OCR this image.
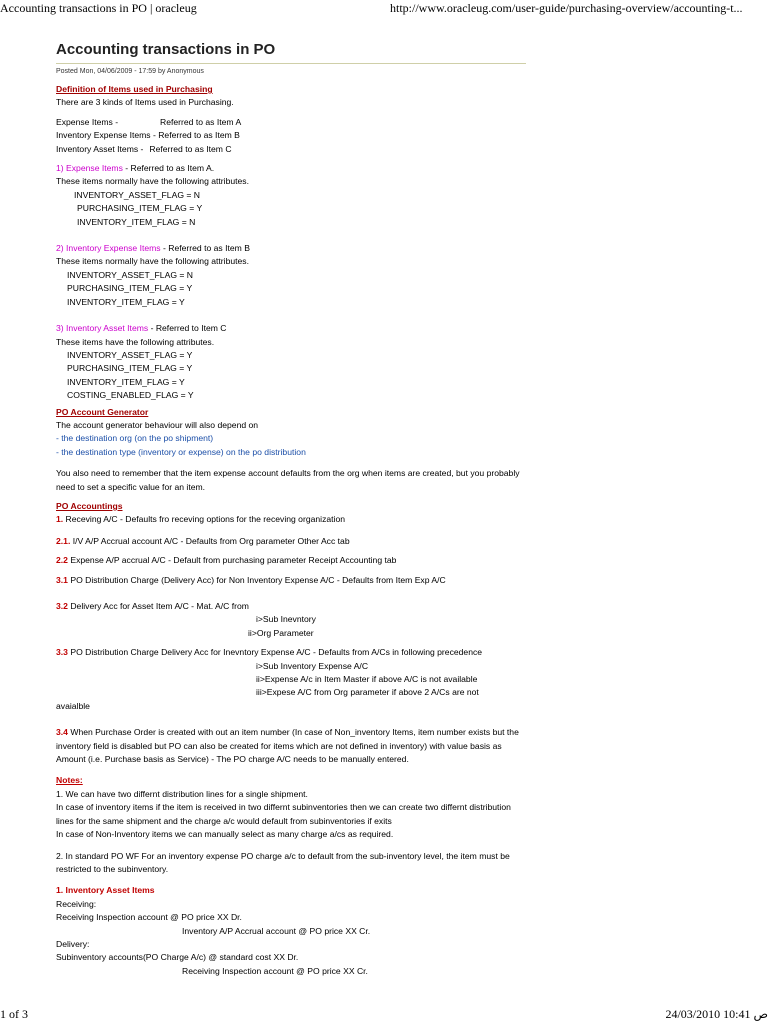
Accounting transactions in PO | oracleug	http://www.oracleug.com/user-guide/purchasing-overview/accounting-t...
Accounting transactions in PO
Posted Mon, 04/06/2009 - 17:59 by Anonymous
Definition of Items used in Purchasing
There are 3 kinds of Items used in Purchasing.
Expense Items -	Referred to as Item A
Inventory Expense Items - Referred to as Item B
Inventory Asset Items - Referred to as Item C
1) Expense Items - Referred to as Item A.
These items normally have the following attributes.
INVENTORY_ASSET_FLAG = N
PURCHASING_ITEM_FLAG = Y
INVENTORY_ITEM_FLAG = N
2) Inventory Expense Items - Referred to as Item B
These items normally have the following attributes.
INVENTORY_ASSET_FLAG = N
PURCHASING_ITEM_FLAG = Y
INVENTORY_ITEM_FLAG = Y
3) Inventory Asset Items - Referred to Item C
These items have the following attributes.
INVENTORY_ASSET_FLAG = Y
PURCHASING_ITEM_FLAG = Y
INVENTORY_ITEM_FLAG = Y
COSTING_ENABLED_FLAG = Y
PO Account Generator
The account generator behaviour will also depend on
- the destination org (on the po shipment)
- the destination type (inventory or expense) on the po distribution
You also need to remember that the item expense account defaults from the org when items are created, but you probably need to set a specific value for an item.
PO Accountings
1. Receving A/C - Defaults fro receving options for the receving organization
2.1. I/V A/P Accrual account A/C - Defaults from Org parameter Other Acc tab
2.2 Expense A/P accrual A/C - Default from purchasing parameter Receipt Accounting tab
3.1 PO Distribution Charge (Delivery Acc) for Non Inventory Expense A/C - Defaults from Item Exp A/C
3.2 Delivery Acc for Asset Item A/C - Mat. A/C from
i>Sub Inevntory
ii>Org Parameter
3.3 PO Distribution Charge Delivery Acc for Inevntory Expense A/C - Defaults from A/Cs in following precedence
i>Sub Inventory Expense A/C
ii>Expense A/c in Item Master if above A/C is not available
iii>Expese A/C from Org parameter if above 2 A/Cs are not
avaialble
3.4 When Purchase Order is created with out an item number (In case of Non_inventory Items, item number exists but the inventory field is disabled but PO can also be created for items which are not defined in inventory) with value basis as Amount (i.e. Purchase basis as Service) - The PO charge A/C needs to be manually entered.
Notes:
1. We can have two differnt distribution lines for a single shipment.
In case of inventory items if the item is received in two differnt subinventories then we can create two differnt distribution lines for the same shipment and the charge a/c would default from subinventories if exits
In case of Non-Inventory items we can manually select as many charge a/cs as required.
2. In standard PO WF For an inventory expense PO charge a/c to default from the sub-inventory level, the item must be restricted to the subinventory.
1. Inventory Asset Items
Receiving:
Receiving Inspection account @ PO price XX Dr.
Inventory A/P Accrual account @ PO price XX Cr.
Delivery:
Subinventory accounts(PO Charge A/c) @ standard cost XX Dr.
Receiving Inspection account @ PO price XX Cr.
1 of 3	24/03/2010 10:41 ص
